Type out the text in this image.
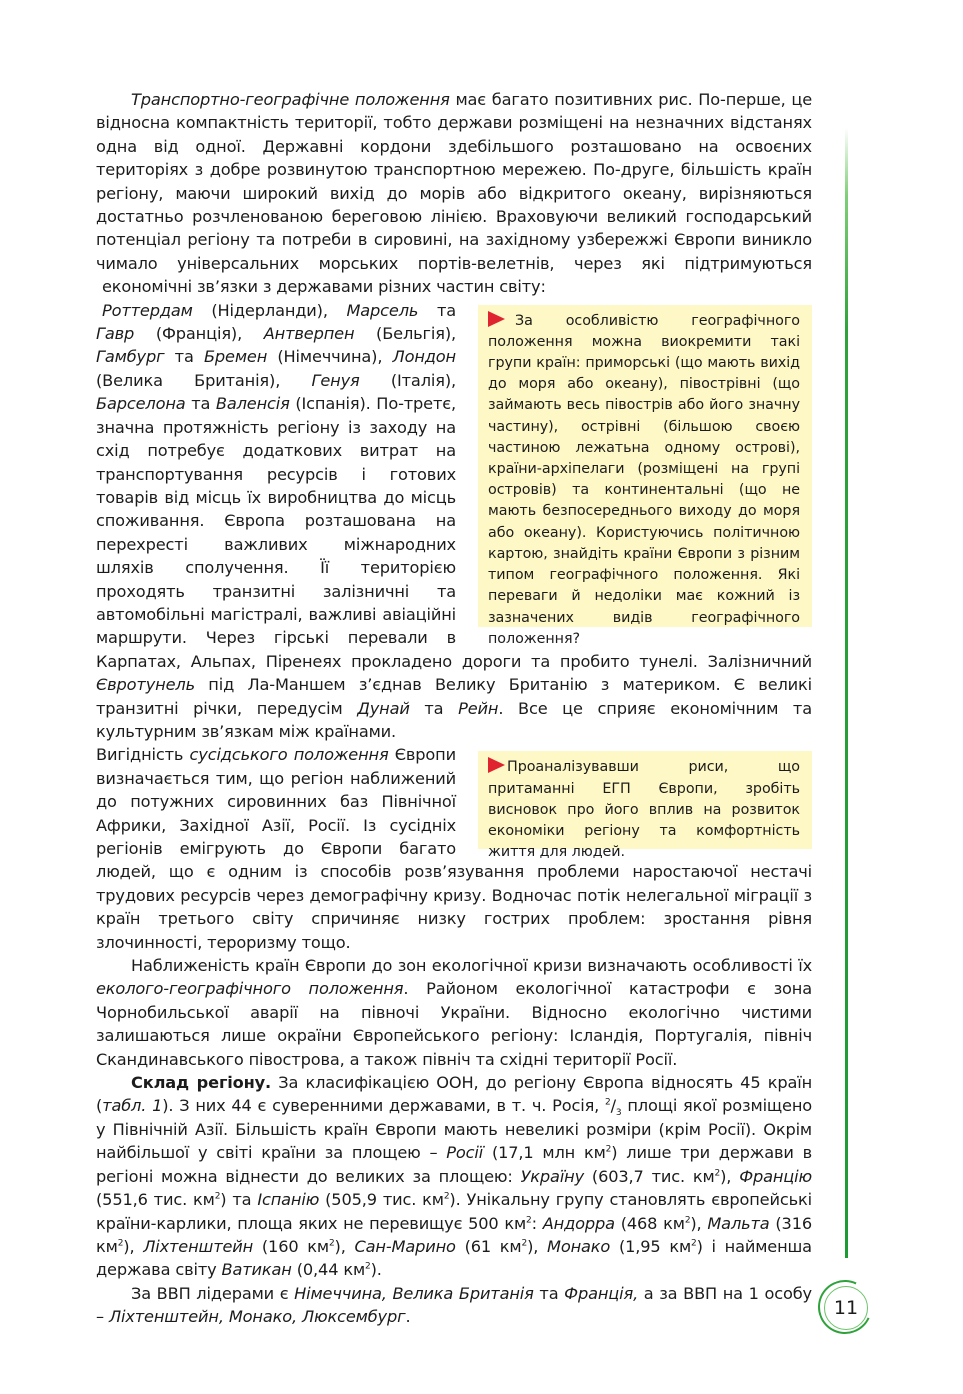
Транспортно-географічне положення має багато позитивних рис. По-перше, це відносна компактність території, тобто держави розміщені на незначних відстанях одна від одної. Державні кордони здебільшого розташовано на освоєних територіях з добре розвинутою транспортною мережею. По-друге, більшість країн регіону, маючи широкий вихід до морів або відкритого океану, вирізняються достатньо розчленованою береговою лінією. Враховуючи великий господарський потенціал регіону та потреби в сировині, на західному узбережжі Європи виникло чимало універсальних морських портів-велетнів, через які підтримуються економічні зв’язки з державами різних частин світу:

За особливістю географічного положення можна виокремити такі групи країн: приморські (що мають вихід до моря або океану), півострівні (що займають весь півострів або його значну частину), острівні (більшою своєю частиною лежатьна одному острові), країни-архіпелаги (розміщені на групі островів) та континентальні (що не мають безпосереднього виходу до моря або океану). Користуючись політичною картою, знайдіть країни Європи з різним типом географічного положення. Які переваги й недоліки має кожний із зазначених видів географічного положення?
Роттердам (Нідерланди), Марсель та Гавр (Франція), Антверпен (Бельгія), Гамбург та Бремен (Німеччина), Лондон (Велика Британія), Генуя (Італія), Барселона та Валенсія (Іспанія). По-третє, значна протяжність регіону із заходу на схід потребує додаткових витрат на транспортування ресурсів і готових товарів від місць їх виробництва до місць споживання. Європа розташована на перехресті важливих міжнародних шляхів сполучення. Її територією проходять транзитні залізничні та автомобільні магістралі, важливі авіаційні маршрути. Через гірські перевали в Карпатах, Альпах, Піренеях прокладено дороги та пробито тунелі. Залізничний Євротунель під Ла-Маншем з’єднав Велику Британію з материком. Є великі транзитні річки, передусім Дунай та Рейн. Все це сприяє економічним та культурним зв’язкам між країнами.

Проаналізувавши риси, що притаманні ЕГП Європи, зробіть висновок про його вплив на розвиток економіки регіону та комфортність життя для людей.
Вигідність сусідського положення Європи визначається тим, що регіон наближений до потужних сировинних баз Північної Африки, Західної Азії, Росії. Із сусідніх регіонів емігрують до Європи багато людей, що є одним із способів розв’язування проблеми наростаючої нестачі трудових ресурсів через демографічну кризу. Водночас потік нелегальної міграції з країн третього світу спричиняє низку гострих проблем: зростання рівня злочинності, тероризму тощо.

Наближеність країн Європи до зон екологічної кризи визначають особливості їх еколого-географічного положення. Районом екологічної катастрофи є зона Чорнобильської аварії на півночі України. Відносно екологічно чистими залишаються лише окраїни Європейського регіону: Ісландія, Португалія, північ Скандинавського півострова, а також північ та східні території Росії.

Склад регіону. За класифікацією ООН, до регіону Європа відносять 45 країн (табл. 1). З них 44 є суверенними державами, в т. ч. Росія, $^2/_3$ площі якої розміщено у Північній Азії. Більшість країн Європи мають невеликі розміри (крім Росії). Окрім найбільшої у світі країни за площею – Росії (17,1 млн $км^2$) лише три держави в регіоні можна віднести до великих за площею: Україну (603,7 тис. $км^2$), Францію (551,6 тис. $км^2$) та Іспанію (505,9 тис. $км^2$). Унікальну групу становлять європейські країни-карлики, площа яких не перевищує 500 $км^2$: Андорра (468 $км^2$), Мальта (316 $км^2$), Ліхтенштейн (160 $км^2$), Сан-Марино (61 $км^2$), Монако (1,95 $км^2$) і найменша держава світу Ватикан (0,44 $км^2$).

За ВВП лідерами є Німеччина, Велика Британія та Франція, а за ВВП на 1 особу – Ліхтенштейн, Монако, Люксембург.	11
